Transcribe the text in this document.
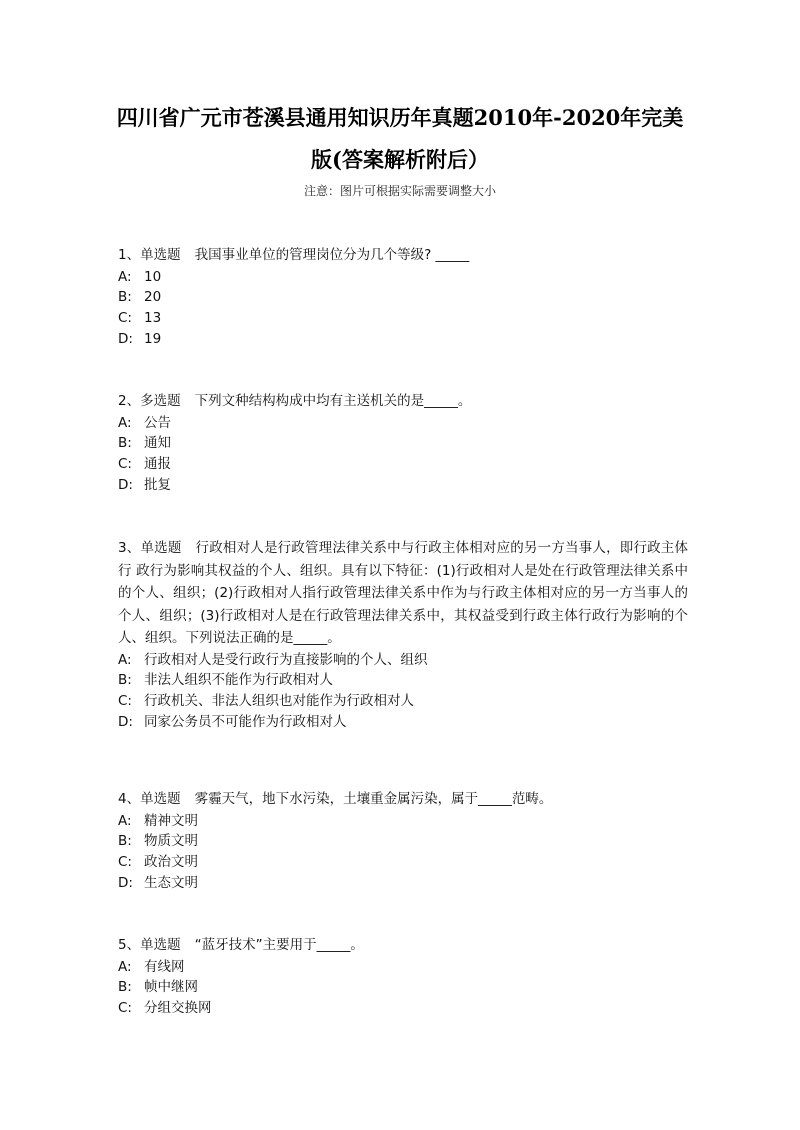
四川省广元市苍溪县通用知识历年真题2010年-2020年完美
版(答案解析附后）
注意：图片可根据实际需要调整大小
1、单选题 我国事业单位的管理岗位分为几个等级? _____
A:10
B:20
C:13
D:19
2、多选题 下列文种结构构成中均有主送机关的是_____。
A:公告
B:通知
C:通报
D:批复
3、单选题 行政相对人是行政管理法律关系中与行政主体相对应的另一方当事人，即行政主体行 政行为影响其权益的个人、组织。具有以下特征：(1)行政相对人是处在行政管理法律关系中的个人、组织；(2)行政相对人指行政管理法律关系中作为与行政主体相对应的另一方当事人的 个人、组织；(3)行政相对人是在行政管理法律关系中，其权益受到行政主体行政行为影响的个 人、组织。下列说法正确的是_____。
A:行政相对人是受行政行为直接影响的个人、组织
B:非法人组织不能作为行政相对人
C:行政机关、非法人组织也对能作为行政相对人
D:同家公务员不可能作为行政相对人
4、单选题 雾霾天气，地下水污染，土壤重金属污染，属于_____范畴。
A:精神文明
B:物质文明
C:政治文明
D:生态文明
5、单选题 “蓝牙技术”主要用于_____。
A:有线网
B:帧中继网
C:分组交换网
